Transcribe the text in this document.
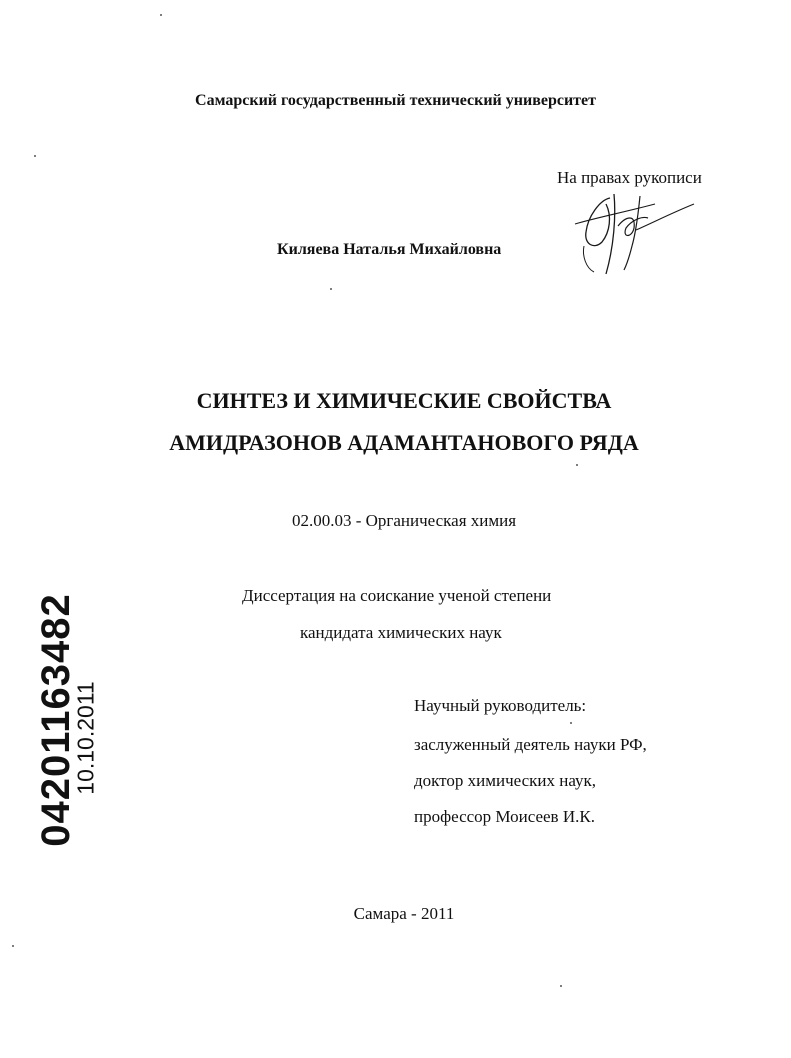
Самарский государственный технический университет
На правах рукописи
Киляева Наталья Михайловна
СИНТЕЗ И ХИМИЧЕСКИЕ СВОЙСТВА
АМИДРАЗОНОВ АДАМАНТАНОВОГО РЯДА
02.00.03 - Органическая химия
Диссертация на соискание ученой степени
кандидата химических наук
Научный руководитель:
заслуженный деятель науки РФ,
доктор химических наук,
профессор Моисеев И.К.
Самара - 2011
04201163482
10.10.2011
